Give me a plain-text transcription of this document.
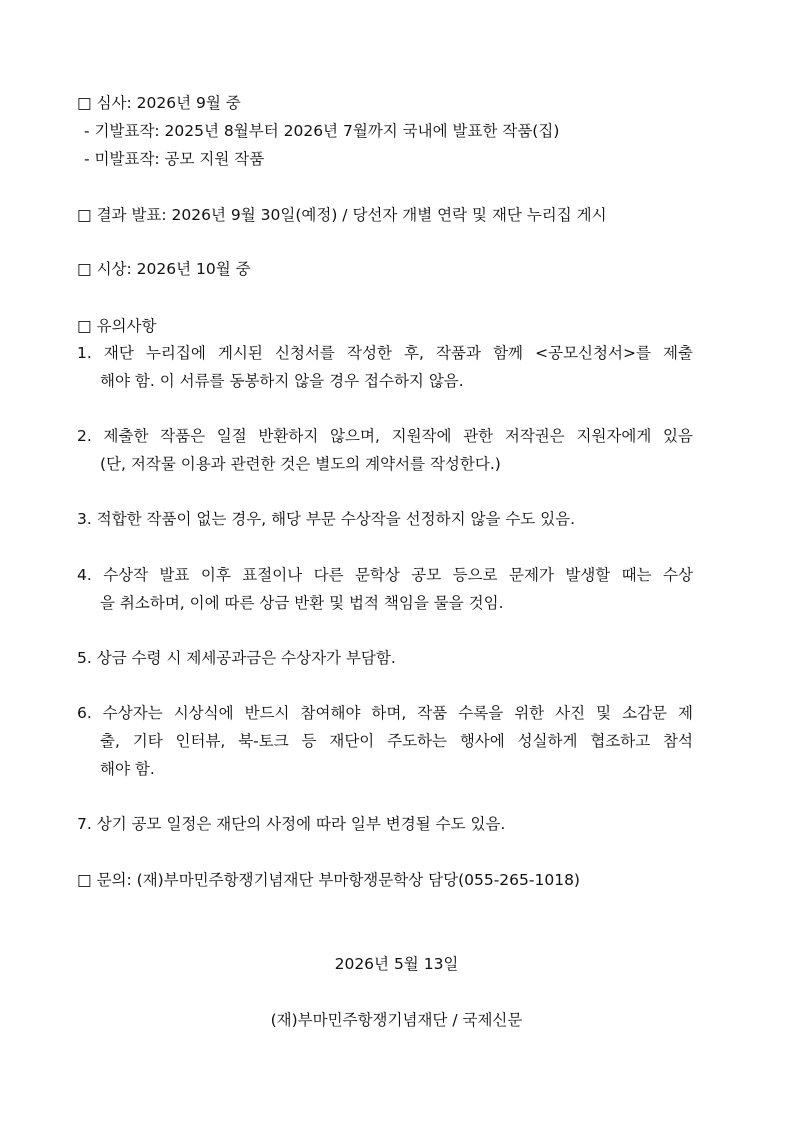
□ 심사: 2026년 9월 중
- 기발표작: 2025년 8월부터 2026년 7월까지 국내에 발표한 작품(집)
- 미발표작: 공모 지원 작품
□ 결과 발표: 2026년 9월 30일(예정) / 당선자 개별 연락 및 재단 누리집 게시
□ 시상: 2026년 10월 중
□ 유의사항
1. 재단 누리집에 게시된 신청서를 작성한 후, 작품과 함께 <공모신청서>를 제출
해야 함. 이 서류를 동봉하지 않을 경우 접수하지 않음.
2. 제출한 작품은 일절 반환하지 않으며, 지원작에 관한 저작권은 지원자에게 있음
(단, 저작물 이용과 관련한 것은 별도의 계약서를 작성한다.)
3. 적합한 작품이 없는 경우, 해당 부문 수상작을 선정하지 않을 수도 있음.
4. 수상작 발표 이후 표절이나 다른 문학상 공모 등으로 문제가 발생할 때는 수상
을 취소하며, 이에 따른 상금 반환 및 법적 책임을 물을 것임.
5. 상금 수령 시 제세공과금은 수상자가 부담함.
6. 수상자는 시상식에 반드시 참여해야 하며, 작품 수록을 위한 사진 및 소감문 제
출, 기타 인터뷰, 북-토크 등 재단이 주도하는 행사에 성실하게 협조하고 참석
해야 함.
7. 상기 공모 일정은 재단의 사정에 따라 일부 변경될 수도 있음.
□ 문의: (재)부마민주항쟁기념재단 부마항쟁문학상 담당(055-265-1018)
2026년 5월 13일
(재)부마민주항쟁기념재단 / 국제신문
